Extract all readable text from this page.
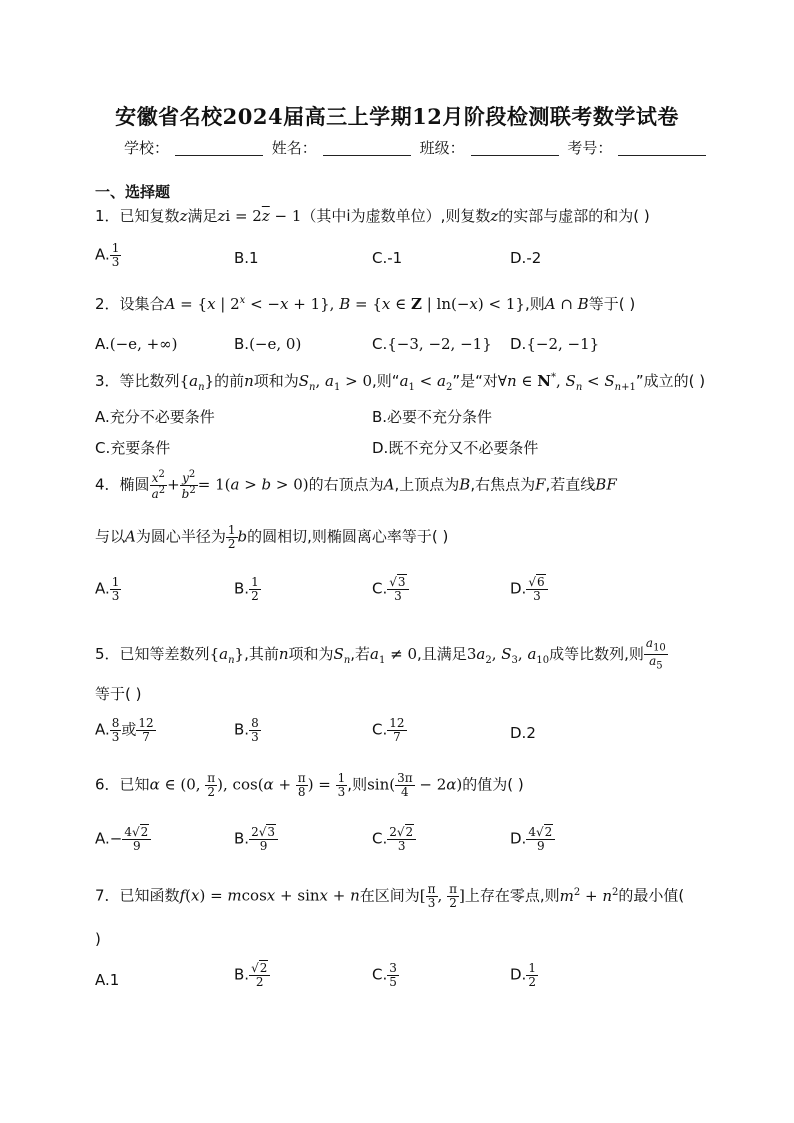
安徽省名校2024届高三上学期12月阶段检测联考数学试卷
学校：	姓名：	班级：	考号：
一、选择题
1．已知复数z满足zi = $2\overline{z} - 1$（其中i为虚数单位）,则复数z的实部与虚部的和为( )
A. $\frac{1}{3}$	B.1	C.-1	D.-2
2．设集合A = {x | $2^x < -x + 1$}, B = {x ∈ Z | ln(−x) < 1},则A ∩ B等于( )
A.(−e, +∞)	B.(−e, 0)	C.{−3, −2, −1} D.{−2, −1}
3．等比数列$\{a_n\}$的前n项和为$S_n$, $a_1 > 0$,则“$a_1 < a_2$”是“对∀n ∈ N*, $S_n < S_{n+1}$”成立的( )
A.充分不必要条件	B.必要不充分条件
C.充要条件	D.既不充分又不必要条件
4．椭圆 $\frac{x^2}{a^2} + \frac{y^2}{b^2} = 1(a > b > 0)$的右顶点为A,上顶点为B,右焦点为F,若直线BF
与以A为圆心半径为 $\frac{1}{2}$ b的圆相切,则椭圆离心率等于( )
A. $\frac{1}{3}$	B. $\frac{1}{2}$	C. $\frac{√3}{3}$	D. $\frac{√6}{3}$
5．已知等差数列$\{a_n\}$,其前n项和为$S_n$,若$a_1 \ne 0$,且满足$3a_2$, $S_3$, $a_{10}$成等比数列,则 $\frac{a_{10}}{a_5}$
等于( )
A. $\frac{8}{3}$ 或 $\frac{12}{7}$	B. $\frac{8}{3}$	C. $\frac{12}{7}$	D.2
6．已知α ∈ (0, $\frac{\pi}{2}$ ), $\cos(\alpha + \frac{\pi}{8}$ ) = $\frac{1}{3}$ ,则$\sin( \frac{3\pi}{4} - 2\alpha)$的值为( )
$A.- \frac{4√2}{9}$	B. $\frac{2√3}{9}$	C. $\frac{2√2}{3}$	D. $\frac{4√2}{9}$
7．已知函数f(x) = mcosx + sinx + n在区间为[ $\frac{\pi}{3}$ , $\frac{\pi}{2}$ ]上存在零点,则$m^2 + n^2$的最小值(
)
A.1	B. $\frac{√2}{2}$	C. $\frac{3}{5}$	D. $\frac{1}{2}$
